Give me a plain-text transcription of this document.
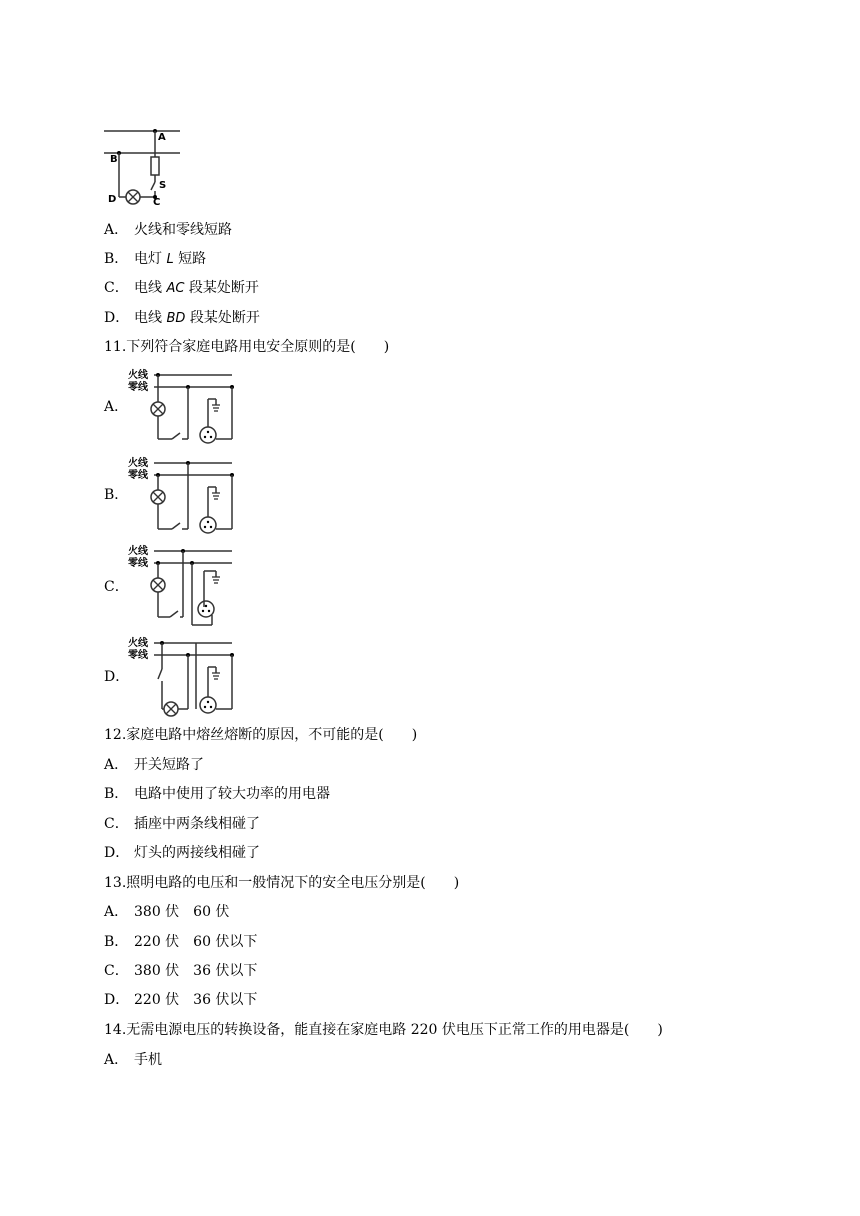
A
B
S
D	C
A． 火线和零线短路
B． 电灯 L 短路
C． 电线 AC 段某处断开
D． 电线 BD 段某处断开
11.下列符合家庭电路用电安全原则的是(　　)
A．
火线
零线
B．
火线
零线
C．
火线
零线
D．
火线
零线
12.家庭电路中熔丝熔断的原因，不可能的是(　　)
A． 开关短路了
B． 电路中使用了较大功率的用电器
C． 插座中两条线相碰了
D． 灯头的两接线相碰了
13.照明电路的电压和一般情况下的安全电压分别是(　　)
A． 380 伏　60 伏
B． 220 伏　60 伏以下
C． 380 伏　36 伏以下
D． 220 伏　36 伏以下
14.无需电源电压的转换设备，能直接在家庭电路 220 伏电压下正常工作的用电器是(　　)
A． 手机
